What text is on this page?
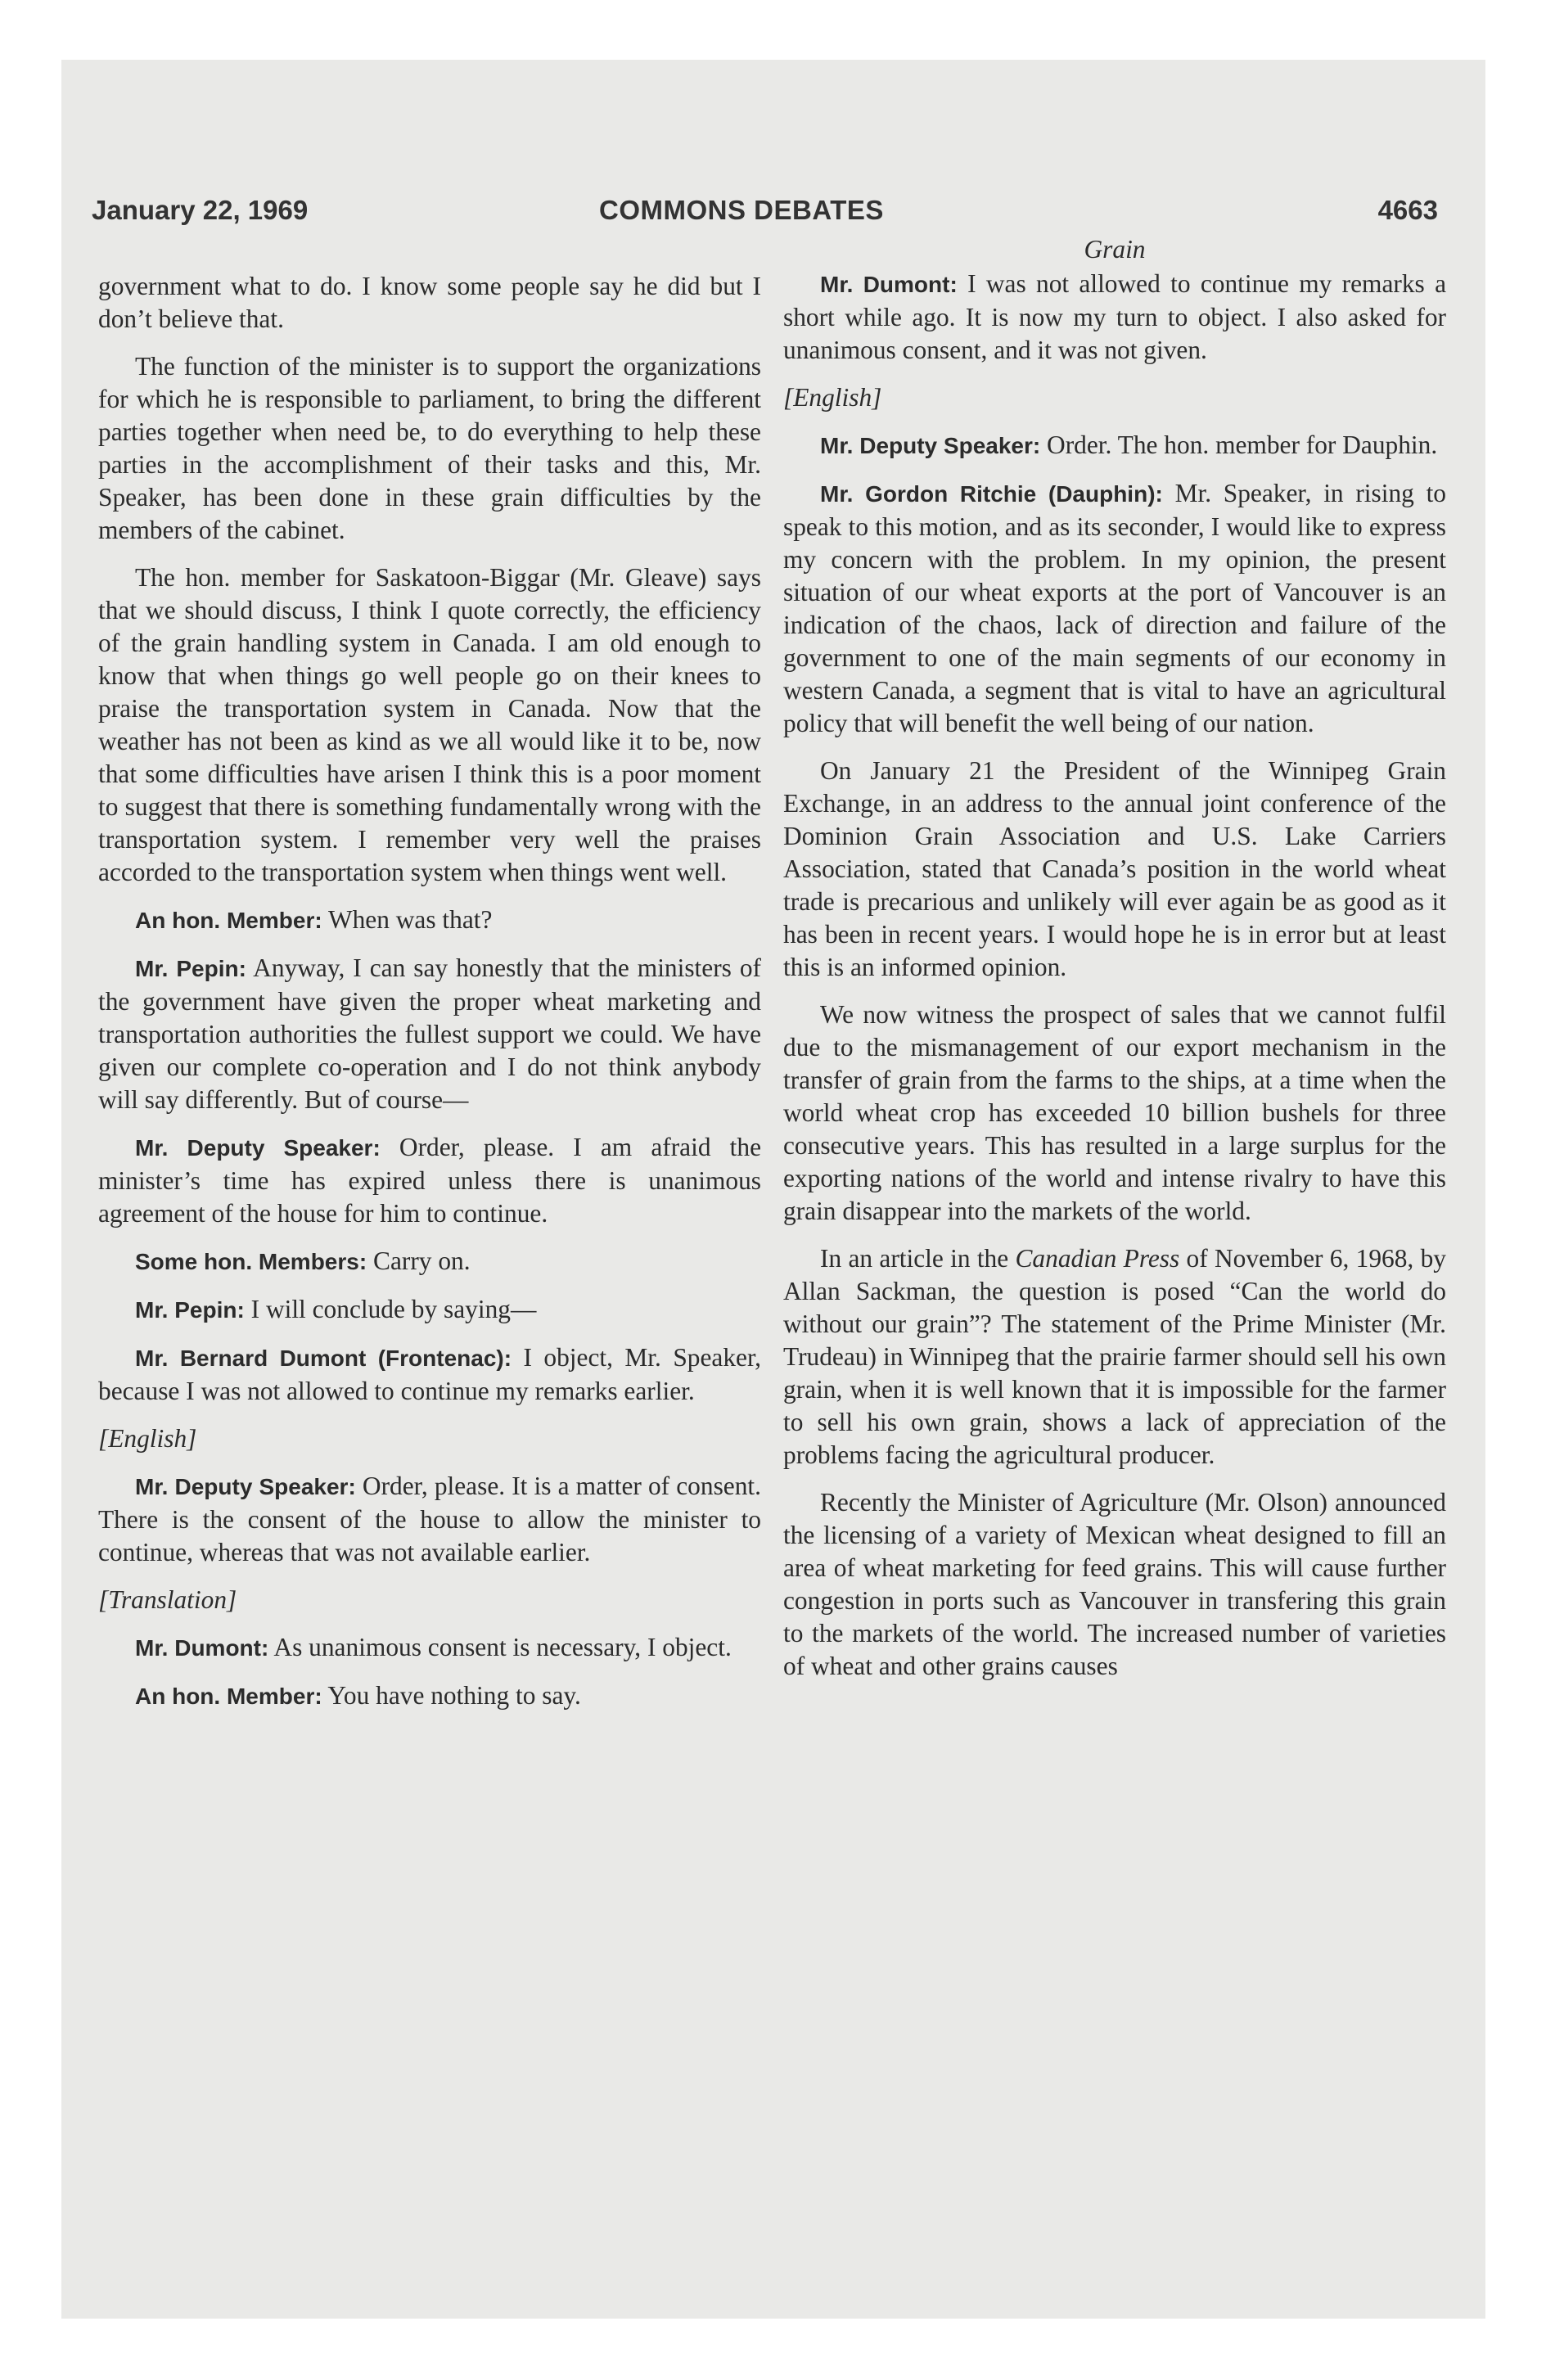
January 22, 1969	COMMONS DEBATES	4663

government what to do. I know some people say he did but I don’t believe that.

The function of the minister is to support the organizations for which he is responsible to parliament, to bring the different parties together when need be, to do everything to help these parties in the accomplishment of their tasks and this, Mr. Speaker, has been done in these grain difficulties by the members of the cabinet.

The hon. member for Saskatoon-Biggar (Mr. Gleave) says that we should discuss, I think I quote correctly, the efficiency of the grain handling system in Canada. I am old enough to know that when things go well people go on their knees to praise the transportation system in Canada. Now that the weather has not been as kind as we all would like it to be, now that some difficulties have arisen I think this is a poor moment to suggest that there is something fundamentally wrong with the transportation system. I remember very well the praises accorded to the transportation system when things went well.

An hon. Member: When was that?

Mr. Pepin: Anyway, I can say honestly that the ministers of the government have given the proper wheat marketing and transportation authorities the fullest support we could. We have given our complete co-operation and I do not think anybody will say differently. But of course—

Mr. Deputy Speaker: Order, please. I am afraid the minister’s time has expired unless there is unanimous agreement of the house for him to continue.

Some hon. Members: Carry on.

Mr. Pepin: I will conclude by saying—

Mr. Bernard Dumont (Frontenac): I object, Mr. Speaker, because I was not allowed to continue my remarks earlier.

[English]

Mr. Deputy Speaker: Order, please. It is a matter of consent. There is the consent of the house to allow the minister to continue, whereas that was not available earlier.

[Translation]

Mr. Dumont: As unanimous consent is necessary, I object.

An hon. Member: You have nothing to say.

Grain

Mr. Dumont: I was not allowed to continue my remarks a short while ago. It is now my turn to object. I also asked for unanimous consent, and it was not given.

[English]

Mr. Deputy Speaker: Order. The hon. member for Dauphin.

Mr. Gordon Ritchie (Dauphin): Mr. Speaker, in rising to speak to this motion, and as its seconder, I would like to express my concern with the problem. In my opinion, the present situation of our wheat exports at the port of Vancouver is an indication of the chaos, lack of direction and failure of the government to one of the main segments of our economy in western Canada, a segment that is vital to have an agricultural policy that will benefit the well being of our nation.

On January 21 the President of the Winnipeg Grain Exchange, in an address to the annual joint conference of the Dominion Grain Association and U.S. Lake Carriers Association, stated that Canada’s position in the world wheat trade is precarious and unlikely will ever again be as good as it has been in recent years. I would hope he is in error but at least this is an informed opinion.

We now witness the prospect of sales that we cannot fulfil due to the mismanagement of our export mechanism in the transfer of grain from the farms to the ships, at a time when the world wheat crop has exceeded 10 billion bushels for three consecutive years. This has resulted in a large surplus for the exporting nations of the world and intense rivalry to have this grain disappear into the markets of the world.

In an article in the Canadian Press of November 6, 1968, by Allan Sackman, the question is posed “Can the world do without our grain”? The statement of the Prime Minister (Mr. Trudeau) in Winnipeg that the prairie farmer should sell his own grain, when it is well known that it is impossible for the farmer to sell his own grain, shows a lack of appreciation of the problems facing the agricultural producer.

Recently the Minister of Agriculture (Mr. Olson) announced the licensing of a variety of Mexican wheat designed to fill an area of wheat marketing for feed grains. This will cause further congestion in ports such as Vancouver in transfering this grain to the markets of the world. The increased number of varieties of wheat and other grains causes
